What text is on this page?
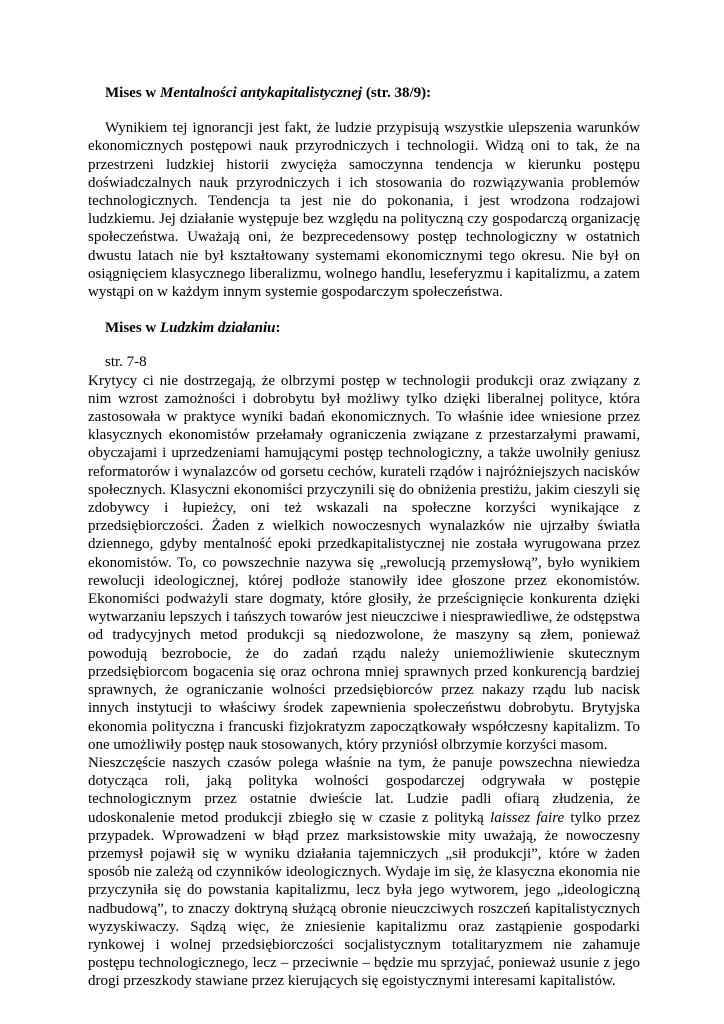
Mises w Mentalności antykapitalistycznej (str. 38/9):

Wynikiem tej ignorancji jest fakt, że ludzie przypisują wszystkie ulepszenia warunków ekonomicznych postępowi nauk przyrodniczych i technologii. Widzą oni to tak, że na przestrzeni ludzkiej historii zwycięża samoczynna tendencja w kierunku postępu doświadczalnych nauk przyrodniczych i ich stosowania do rozwiązywania problemów technologicznych. Tendencja ta jest nie do pokonania, i jest wrodzona rodzajowi ludzkiemu. Jej działanie występuje bez względu na polityczną czy gospodarczą organizację społeczeństwa. Uważają oni, że bezprecedensowy postęp technologiczny w ostatnich dwustu latach nie był kształtowany systemami ekonomicznymi tego okresu. Nie był on osiągnięciem klasycznego liberalizmu, wolnego handlu, leseferyzmu i kapitalizmu, a zatem wystąpi on w każdym innym systemie gospodarczym społeczeństwa.

Mises w Ludzkim działaniu:

str. 7-8

Krytycy ci nie dostrzegają, że olbrzymi postęp w technologii produkcji oraz związany z nim wzrost zamożności i dobrobytu był możliwy tylko dzięki liberalnej polityce, która zastosowała w praktyce wyniki badań ekonomicznych. To właśnie idee wniesione przez klasycznych ekonomistów przełamały ograniczenia związane z przestarzałymi prawami, obyczajami i uprzedzeniami hamującymi postęp technologiczny, a także uwolniły geniusz reformatorów i wynalazców od gorsetu cechów, kurateli rządów i najróżniejszych nacisków społecznych. Klasyczni ekonomiści przyczynili się do obniżenia prestiżu, jakim cieszyli się zdobywcy i łupieżcy, oni też wskazali na społeczne korzyści wynikające z przedsiębiorczości. Żaden z wielkich nowoczesnych wynalazków nie ujrzałby światła dziennego, gdyby mentalność epoki przedkapitalistycznej nie została wyrugowana przez ekonomistów. To, co powszechnie nazywa się „rewolucją przemysłową”, było wynikiem rewolucji ideologicznej, której podłoże stanowiły idee głoszone przez ekonomistów. Ekonomiści podważyli stare dogmaty, które głosiły, że prześcignięcie konkurenta dzięki wytwarzaniu lepszych i tańszych towarów jest nieuczciwe i niesprawiedliwe, że odstępstwa od tradycyjnych metod produkcji są niedozwolone, że maszyny są złem, ponieważ powodują bezrobocie, że do zadań rządu należy uniemożliwienie skutecznym przedsiębiorcom bogacenia się oraz ochrona mniej sprawnych przed konkurencją bardziej sprawnych, że ograniczanie wolności przedsiębiorców przez nakazy rządu lub nacisk innych instytucji to właściwy środek zapewnienia społeczeństwu dobrobytu. Brytyjska ekonomia polityczna i francuski fizjokratyzm zapoczątkowały współczesny kapitalizm. To one umożliwiły postęp nauk stosowanych, który przyniósł olbrzymie korzyści masom.

Nieszczęście naszych czasów polega właśnie na tym, że panuje powszechna niewiedza dotycząca roli, jaką polityka wolności gospodarczej odgrywała w postępie technologicznym przez ostatnie dwieście lat. Ludzie padli ofiarą złudzenia, że udoskonalenie metod produkcji zbiegło się w czasie z polityką laissez faire tylko przez przypadek. Wprowadzeni w błąd przez marksistowskie mity uważają, że nowoczesny przemysł pojawił się w wyniku działania tajemniczych „sił produkcji”, które w żaden sposób nie zależą od czynników ideologicznych. Wydaje im się, że klasyczna ekonomia nie przyczyniła się do powstania kapitalizmu, lecz była jego wytworem, jego „ideologiczną nadbudową”, to znaczy doktryną służącą obronie nieuczciwych roszczeń kapitalistycznych wyzyskiwaczy. Sądzą więc, że zniesienie kapitalizmu oraz zastąpienie gospodarki rynkowej i wolnej przedsiębiorczości socjalistycznym totalitaryzmem nie zahamuje postępu technologicznego, lecz – przeciwnie – będzie mu sprzyjać, ponieważ usunie z jego drogi przeszkody stawiane przez kierujących się egoistycznymi interesami kapitalistów.
